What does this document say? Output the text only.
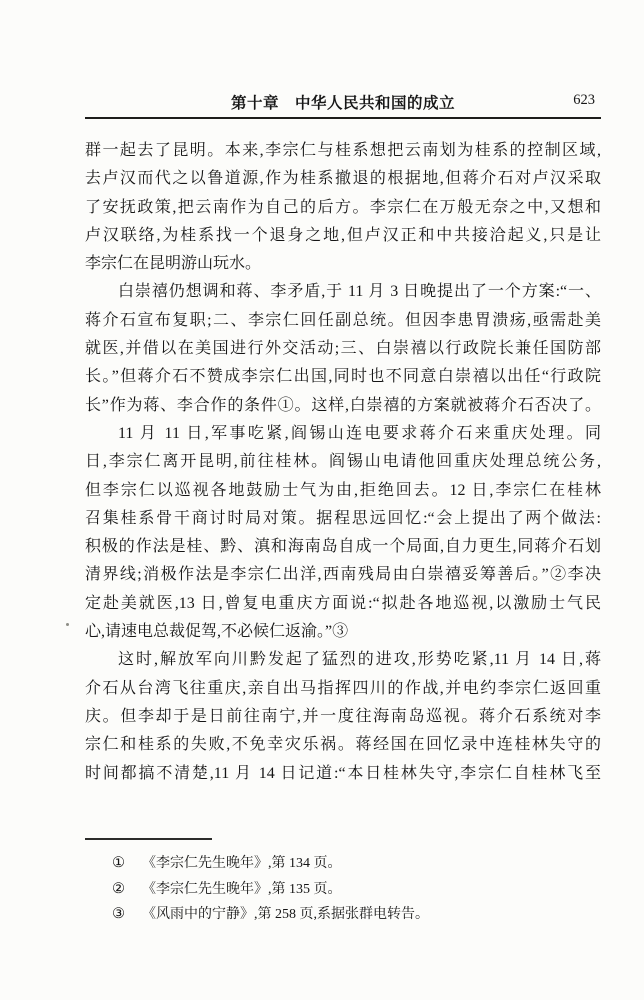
第十章　中华人民共和国的成立	623
群一起去了昆明。本来,李宗仁与桂系想把云南划为桂系的控制区域,
去卢汉而代之以鲁道源,作为桂系撤退的根据地,但蒋介石对卢汉采取
了安抚政策,把云南作为自己的后方。李宗仁在万般无奈之中,又想和
卢汉联络,为桂系找一个退身之地,但卢汉正和中共接洽起义,只是让
李宗仁在昆明游山玩水。
白崇禧仍想调和蒋、李矛盾,于 11 月 3 日晚提出了一个方案:“一、
蒋介石宣布复职;二、李宗仁回任副总统。但因李患胃溃疡,亟需赴美
就医,并借以在美国进行外交活动;三、白崇禧以行政院长兼任国防部
长。”但蒋介石不赞成李宗仁出国,同时也不同意白崇禧以出任“行政院
长”作为蒋、李合作的条件①。这样,白崇禧的方案就被蒋介石否决了。
11 月 11 日,军事吃紧,阎锡山连电要求蒋介石来重庆处理。同
日,李宗仁离开昆明,前往桂林。阎锡山电请他回重庆处理总统公务,
但李宗仁以巡视各地鼓励士气为由,拒绝回去。12 日,李宗仁在桂林
召集桂系骨干商讨时局对策。据程思远回忆:“会上提出了两个做法:
积极的作法是桂、黔、滇和海南岛自成一个局面,自力更生,同蒋介石划
清界线;消极作法是李宗仁出洋,西南残局由白崇禧妥筹善后。”②李决
定赴美就医,13 日,曾复电重庆方面说:“拟赴各地巡视,以激励士气民
心,请速电总裁促驾,不必候仁返渝。”③
这时,解放军向川黔发起了猛烈的进攻,形势吃紧,11 月 14 日,蒋
介石从台湾飞往重庆,亲自出马指挥四川的作战,并电约李宗仁返回重
庆。但李却于是日前往南宁,并一度往海南岛巡视。蒋介石系统对李
宗仁和桂系的失败,不免幸灾乐祸。蒋经国在回忆录中连桂林失守的
时间都搞不清楚,11 月 14 日记道:“本日桂林失守,李宗仁自桂林飞至
①	《李宗仁先生晚年》,第 134 页。
②	《李宗仁先生晚年》,第 135 页。
③	《风雨中的宁静》,第 258 页,系据张群电转告。
